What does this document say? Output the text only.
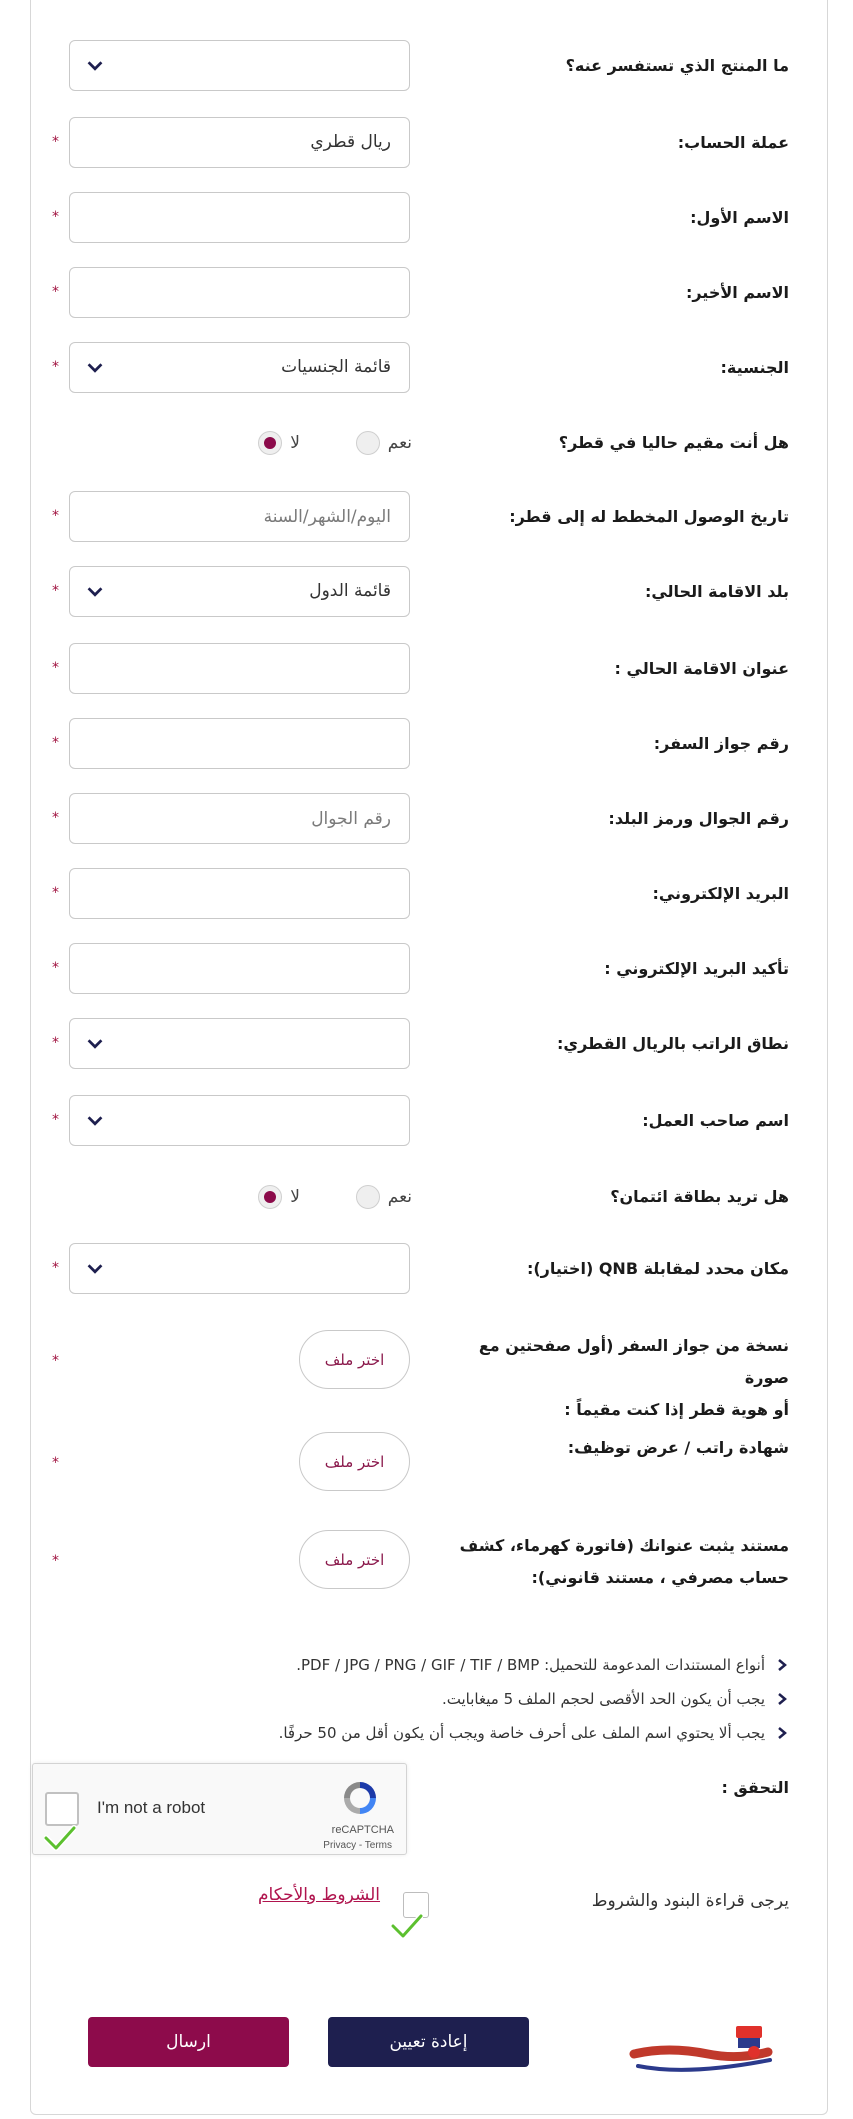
ما المنتج الذي تستفسر عنه؟
عملة الحساب:
*	ريال قطري
الاسم الأول:
*
الاسم الأخير:
*
الجنسية:
*	قائمة الجنسيات
هل أنت مقيم حاليا في قطر؟
نعم
لا
تاريخ الوصول المخطط له إلى قطر:
*
اليوم/الشهر/السنة
بلد الاقامة الحالي:
*	قائمة الدول
عنوان الاقامة الحالي :
*
رقم جواز السفر:
*
رقم الجوال ورمز البلد:
*
رقم الجوال
البريد الإلكتروني:
*
تأكيد البريد الإلكتروني :
*
نطاق الراتب بالريال القطري:
*
اسم صاحب العمل:
*
هل تريد بطاقة ائتمان؟
نعم
لا
مكان محدد لمقابلة QNB (اختيار):
*
نسخة من جواز السفر (أول صفحتين مع صورة
أو هوية قطر إذا كنت مقيماً :
*	اختر ملف
شهادة راتب / عرض توظيف:
*	اختر ملف
مستند يثبت عنوانك (فاتورة كهرماء، كشف
حساب مصرفي ، مستند قانوني):
*	اختر ملف
أنواع المستندات المدعومة للتحميل: PDF / JPG / PNG / GIF / TIF / BMP.
يجب أن يكون الحد الأقصى لحجم الملف 5 ميغابايت.
يجب ألا يحتوي اسم الملف على أحرف خاصة ويجب أن يكون أقل من 50 حرفًا.
التحقق :
I'm not a robot
reCAPTCHA
Privacy - Terms
يرجى قراءة البنود والشروط
الشروط والأحكام
إعادة تعيين
ارسال
